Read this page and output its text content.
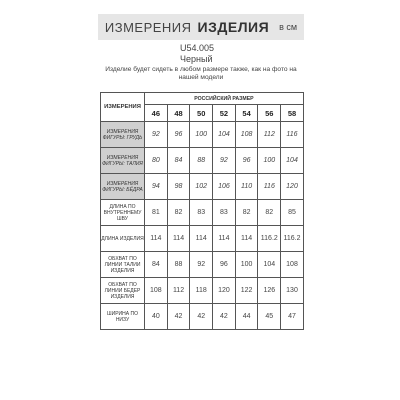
ИЗМЕРЕНИЯ ИЗДЕЛИЯ в см
U54.005
Черный
Изделие будет сидеть в любом размере также, как на фото на нашей модели
ИЗМЕРЕНИЯ	РОССИЙСКИЙ РАЗМЕР						
	46	48	50	52	54	56	58
ИЗМЕРЕНИЯ ФИГУРЫ: ГРУДЬ	92	96	100	104	108	112	116
ИЗМЕРЕНИЯ ФИГУРЫ: ТАЛИЯ	80	84	88	92	96	100	104
ИЗМЕРЕНИЯ ФИГУРЫ: БЁДРА	94	98	102	106	110	116	120
ДЛИНА ПО ВНУТРЕННЕМУ ШВУ	81	82	83	83	82	82	85
ДЛИНА ИЗДЕЛИЯ	114	114	114	114	114	116.2	116.2
ОБХВАТ ПО ЛИНИИ ТАЛИИ ИЗДЕЛИЯ	84	88	92	96	100	104	108
ОБХВАТ ПО ЛИНИИ БЕДЕР ИЗДЕЛИЯ	108	112	118	120	122	126	130
ШИРИНА ПО НИЗУ	40	42	42	42	44	45	47
